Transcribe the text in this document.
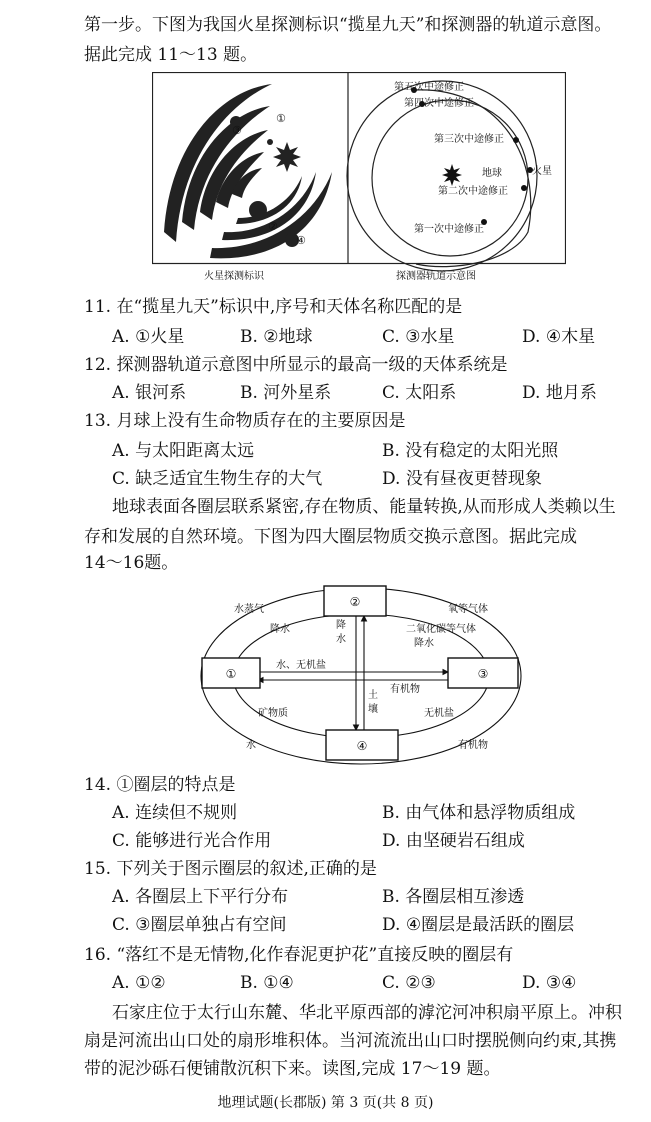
第一步。下图为我国火星探测标识“揽星九天”和探测器的轨道示意图。
据此完成 11～13 题。
③
①
②
④
第五次中途修正
第四次中途修正
第三次中途修正
地球	火星
第二次中途修正
第一次中途修正
火星探测标识	探测器轨道示意图
11. 在“揽星九天”标识中,序号和天体名称匹配的是
A. ①火星	B. ②地球	C. ③水星	D. ④木星
12. 探测器轨道示意图中所显示的最高一级的天体系统是
A. 银河系	B. 河外星系	C. 太阳系	D. 地月系
13. 月球上没有生命物质存在的主要原因是
A. 与太阳距离太远	B. 没有稳定的太阳光照
C. 缺乏适宜生物生存的大气	D. 没有昼夜更替现象
地球表面各圈层联系紧密,存在物质、能量转换,从而形成人类赖以生
存和发展的自然环境。下图为四大圈层物质交换示意图。据此完成
14～16题。
②
①	③
④
水蒸气
降水	降
水
氧等气体
二氧化碳等气体
降水
水、无机盐
有机物
土
壤
矿物质
水
无机盐
有机物
14. ①圈层的特点是
A. 连续但不规则	B. 由气体和悬浮物质组成
C. 能够进行光合作用	D. 由坚硬岩石组成
15. 下列关于图示圈层的叙述,正确的是
A. 各圈层上下平行分布	B. 各圈层相互渗透
C. ③圈层单独占有空间	D. ④圈层是最活跃的圈层
16. “落红不是无情物,化作春泥更护花”直接反映的圈层有
A. ①②	B. ①④	C. ②③	D. ③④
石家庄位于太行山东麓、华北平原西部的滹沱河冲积扇平原上。冲积
扇是河流出山口处的扇形堆积体。当河流流出山口时摆脱侧向约束,其携
带的泥沙砾石便铺散沉积下来。读图,完成 17～19 题。
地理试题(长郡版) 第 3 页(共 8 页)
